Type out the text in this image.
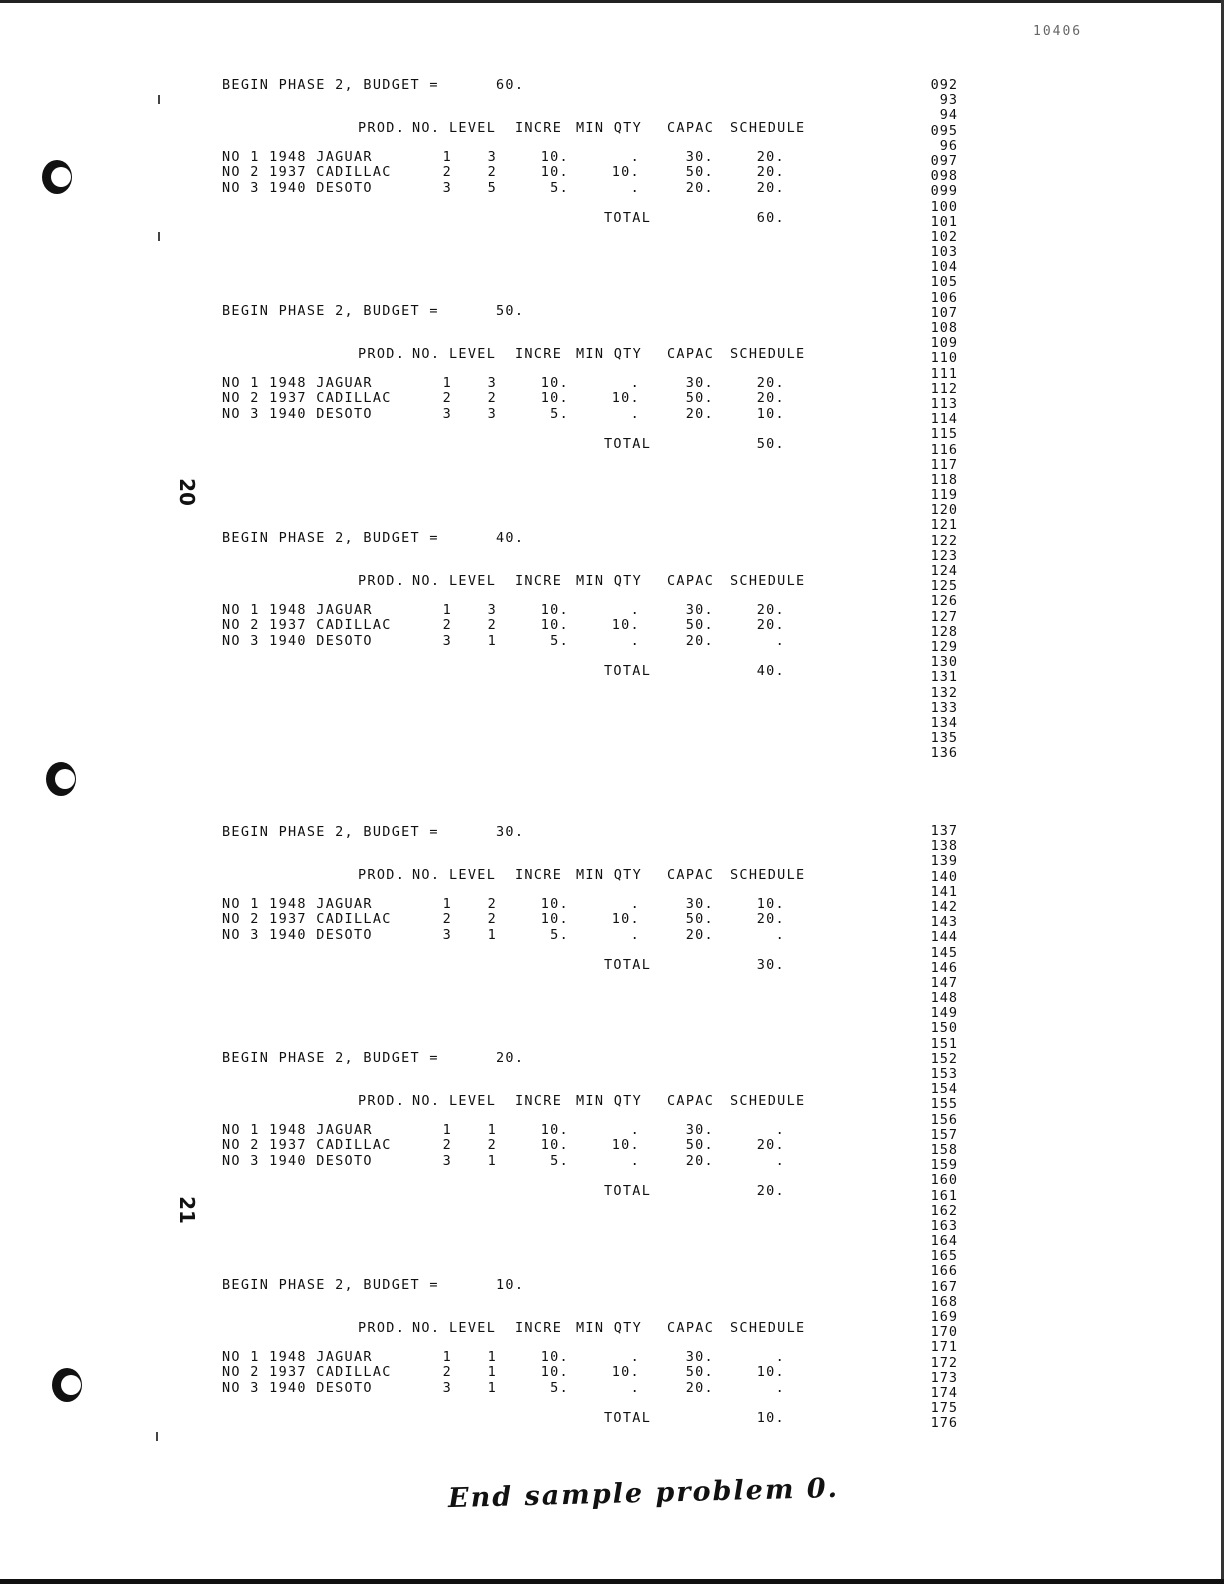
10406
20
21
BEGIN PHASE 2, BUDGET =	60.
PROD. NO. LEVEL INCRE MIN QTY CAPAC SCHEDULE
NO 1 1948 JAGUAR	1	3	10.	.	30.	20.
NO 2 1937 CADILLAC	2	2	10.	10.	50.	20.
NO 3 1940 DESOTO	3	5	5.	.	20.	20.
TOTAL	60.
BEGIN PHASE 2, BUDGET =	50.
PROD. NO. LEVEL INCRE MIN QTY CAPAC SCHEDULE
NO 1 1948 JAGUAR	1	3	10.	.	30.	20.
NO 2 1937 CADILLAC	2	2	10.	10.	50.	20.
NO 3 1940 DESOTO	3	3	5.	.	20.	10.
TOTAL	50.
BEGIN PHASE 2, BUDGET =	40.
PROD. NO. LEVEL INCRE MIN QTY CAPAC SCHEDULE
NO 1 1948 JAGUAR	1	3	10.	.	30.	20.
NO 2 1937 CADILLAC	2	2	10.	10.	50.	20.
NO 3 1940 DESOTO	3	1	5.	.	20.	.
TOTAL	40.
BEGIN PHASE 2, BUDGET =	30.
PROD. NO. LEVEL INCRE MIN QTY CAPAC SCHEDULE
NO 1 1948 JAGUAR	1	2	10.	.	30.	10.
NO 2 1937 CADILLAC	2	2	10.	10.	50.	20.
NO 3 1940 DESOTO	3	1	5.	.	20.	.
TOTAL	30.
BEGIN PHASE 2, BUDGET =	20.
PROD. NO. LEVEL INCRE MIN QTY CAPAC SCHEDULE
NO 1 1948 JAGUAR	1	1	10.	.	30.	.
NO 2 1937 CADILLAC	2	2	10.	10.	50.	20.
NO 3 1940 DESOTO	3	1	5.	.	20.	.
TOTAL	20.
BEGIN PHASE 2, BUDGET =	10.
PROD. NO. LEVEL INCRE MIN QTY CAPAC SCHEDULE
NO 1 1948 JAGUAR	1	1	10.	.	30.	.
NO 2 1937 CADILLAC	2	1	10.	10.	50.	10.
NO 3 1940 DESOTO	3	1	5.	.	20.	.
TOTAL	10.
092
93
94
095
96
097
098
099
100
101
102
103
104
105
106
107
108
109
110
111
112
113
114
115
116
117
118
119
120
121
122
123
124
125
126
127
128
129
130
131
132
133
134
135
136
137
138
139
140
141
142
143
144
145
146
147
148
149
150
151
152
153
154
155
156
157
158
159
160
161
162
163
164
165
166
167
168
169
170
171
172
173
174
175
176
End sample problem 0.
